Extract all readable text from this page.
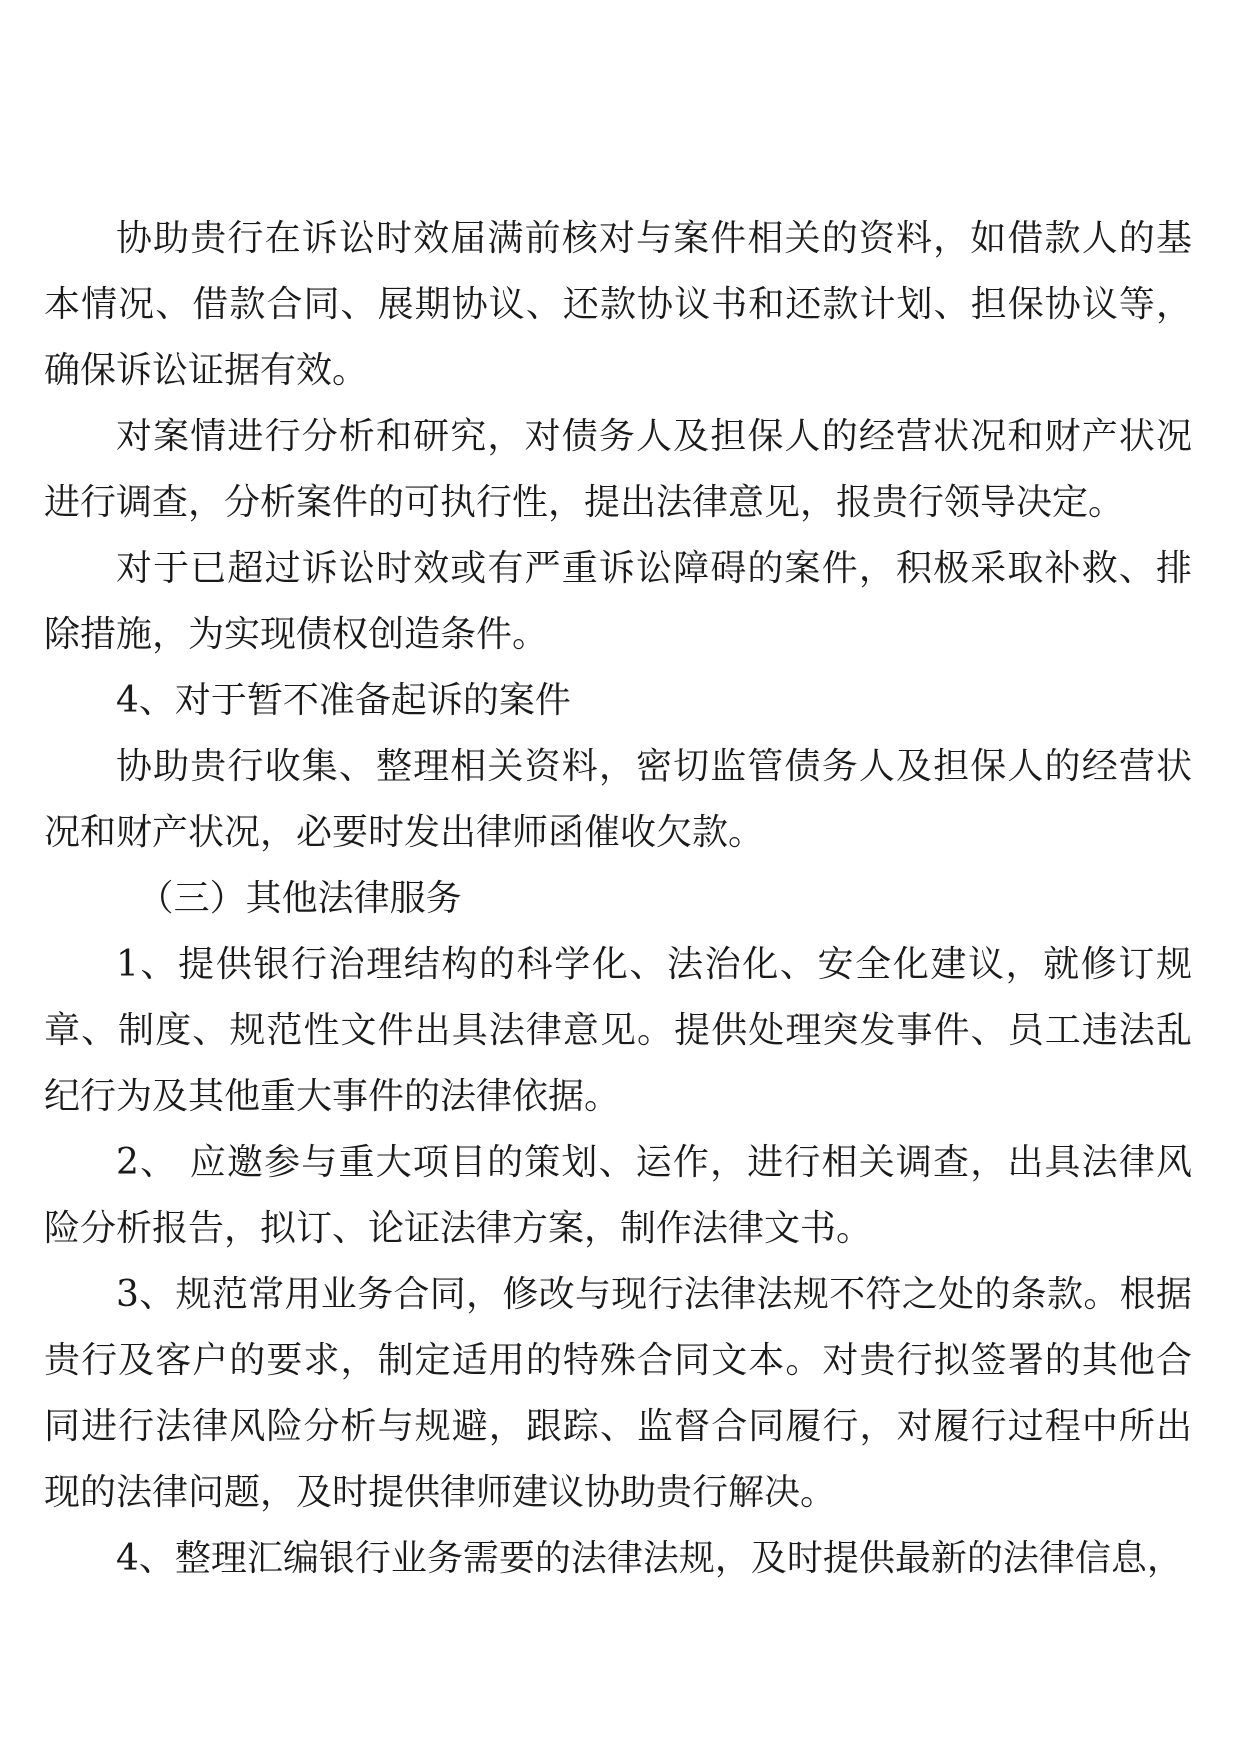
协助贵行在诉讼时效届满前核对与案件相关的资料，如借款人的基本情况、借款合同、展期协议、还款协议书和还款计划、担保协议等，确保诉讼证据有效。

对案情进行分析和研究，对债务人及担保人的经营状况和财产状况进行调查，分析案件的可执行性，提出法律意见，报贵行领导决定。

对于已超过诉讼时效或有严重诉讼障碍的案件，积极采取补救、排除措施，为实现债权创造条件。

4、对于暂不准备起诉的案件

协助贵行收集、整理相关资料，密切监管债务人及担保人的经营状况和财产状况，必要时发出律师函催收欠款。

（三）其他法律服务

1、提供银行治理结构的科学化、法治化、安全化建议，就修订规章、制度、规范性文件出具法律意见。提供处理突发事件、员工违法乱纪行为及其他重大事件的法律依据。

2、 应邀参与重大项目的策划、运作，进行相关调查，出具法律风险分析报告，拟订、论证法律方案，制作法律文书。

3、规范常用业务合同，修改与现行法律法规不符之处的条款。根据贵行及客户的要求，制定适用的特殊合同文本。对贵行拟签署的其他合同进行法律风险分析与规避，跟踪、监督合同履行，对履行过程中所出现的法律问题，及时提供律师建议协助贵行解决。

4、整理汇编银行业务需要的法律法规，及时提供最新的法律信息，
